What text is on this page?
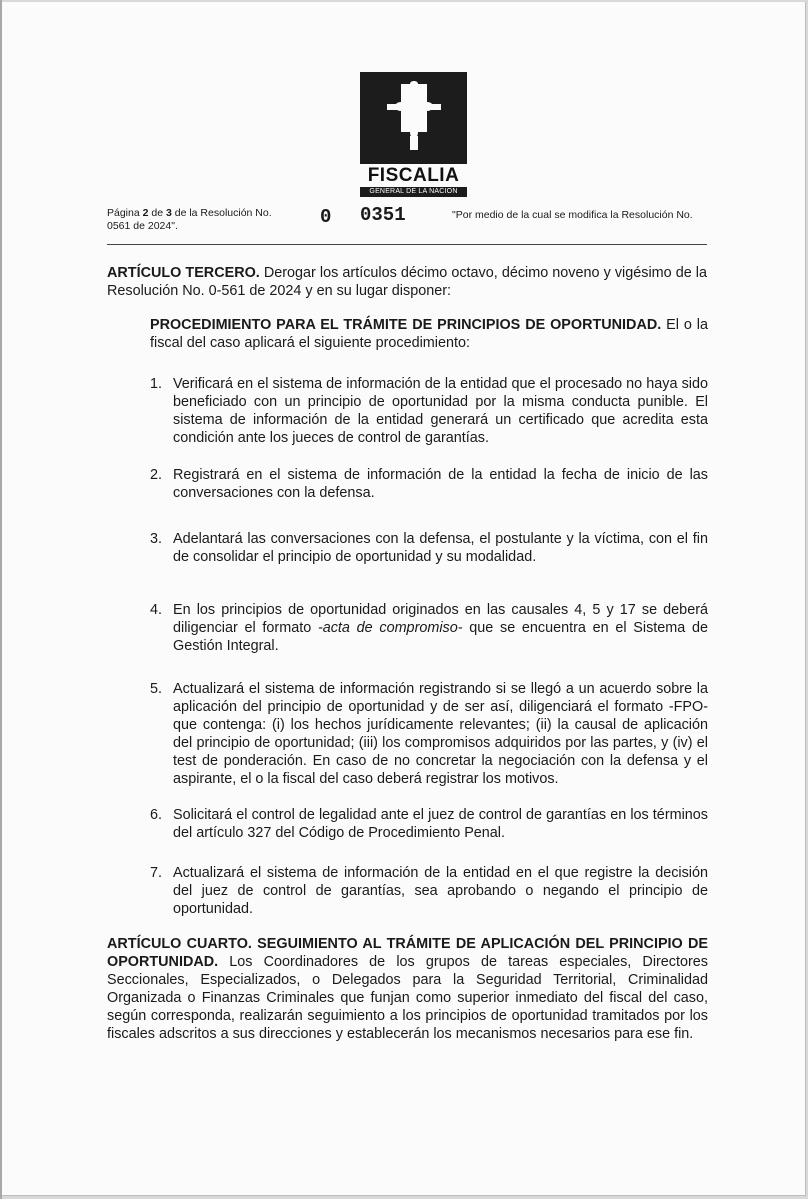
FISCALIA
GENERAL DE LA NACION
Página 2 de 3 de la Resolución No.
0561 de 2024".	0 0351	"Por medio de la cual se modifica la Resolución No.

ARTÍCULO TERCERO. Derogar los artículos décimo octavo, décimo noveno y vigésimo de la Resolución No. 0-561 de 2024 y en su lugar disponer:

PROCEDIMIENTO PARA EL TRÁMITE DE PRINCIPIOS DE OPORTUNIDAD. El o la fiscal del caso aplicará el siguiente procedimiento:

1. Verificará en el sistema de información de la entidad que el procesado no haya sido beneficiado con un principio de oportunidad por la misma conducta punible. El sistema de información de la entidad generará un certificado que acredita esta condición ante los jueces de control de garantías.
2. Registrará en el sistema de información de la entidad la fecha de inicio de las conversaciones con la defensa.
3. Adelantará las conversaciones con la defensa, el postulante y la víctima, con el fin de consolidar el principio de oportunidad y su modalidad.
4. En los principios de oportunidad originados en las causales 4, 5 y 17 se deberá diligenciar el formato -acta de compromiso- que se encuentra en el Sistema de Gestión Integral.
5. Actualizará el sistema de información registrando si se llegó a un acuerdo sobre la aplicación del principio de oportunidad y de ser así, diligenciará el formato -FPO- que contenga: (i) los hechos jurídicamente relevantes; (ii) la causal de aplicación del principio de oportunidad; (iii) los compromisos adquiridos por las partes, y (iv) el test de ponderación. En caso de no concretar la negociación con la defensa y el aspirante, el o la fiscal del caso deberá registrar los motivos.
6. Solicitará el control de legalidad ante el juez de control de garantías en los términos del artículo 327 del Código de Procedimiento Penal.
7. Actualizará el sistema de información de la entidad en el que registre la decisión del juez de control de garantías, sea aprobando o negando el principio de oportunidad.

ARTÍCULO CUARTO. SEGUIMIENTO AL TRÁMITE DE APLICACIÓN DEL PRINCIPIO DE OPORTUNIDAD. Los Coordinadores de los grupos de tareas especiales, Directores Seccionales, Especializados, o Delegados para la Seguridad Territorial, Criminalidad Organizada o Finanzas Criminales que funjan como superior inmediato del fiscal del caso, según corresponda, realizarán seguimiento a los principios de oportunidad tramitados por los fiscales adscritos a sus direcciones y establecerán los mecanismos necesarios para ese fin.
